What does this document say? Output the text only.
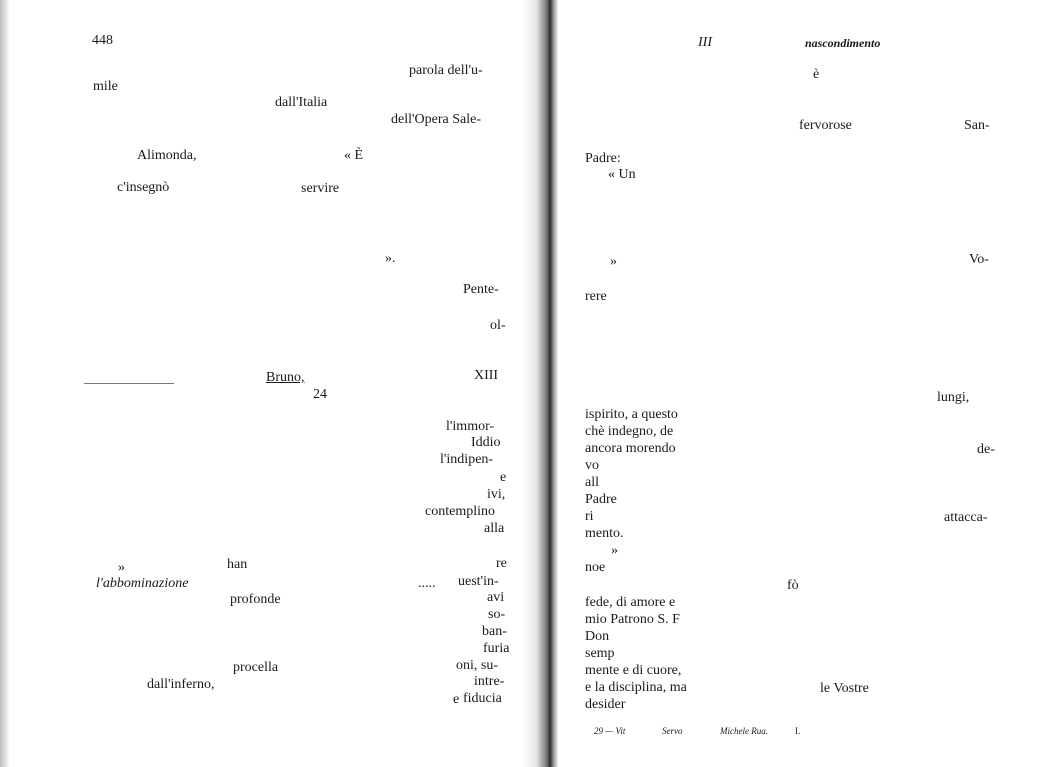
448
parola dell'u-
mile
dall'Italia
dell'Opera Sale-
Alimonda,	« È
c'insegnò	servire
».
Pente-
ol-
Bruno,
24
XIII
l'immor-
Iddio
l'indipen-
e
ivi,
contemplino
alla
»	han
l'abbominazione
re
..... uest'in-
avi
profonde
so-
ban-
furia
procella	oni, su-
dall'inferno,	intre-
e fiducia
III	nascondimento
è
fervorose	San-
Padre:
« Un
»	Vo-
rere
lungi,
ispirito, a questo
chè indegno, de
de-
ancora morendo
vo
all
Padre
attacca-
ri
mento.
»
noe
fò
fede, di amore e
mio Patrono S. F
Don
semp
mente e di cuore,
e la disciplina, ma	le Vostre
desider
29 — Vit	Servo	Michele Rua.	I.
